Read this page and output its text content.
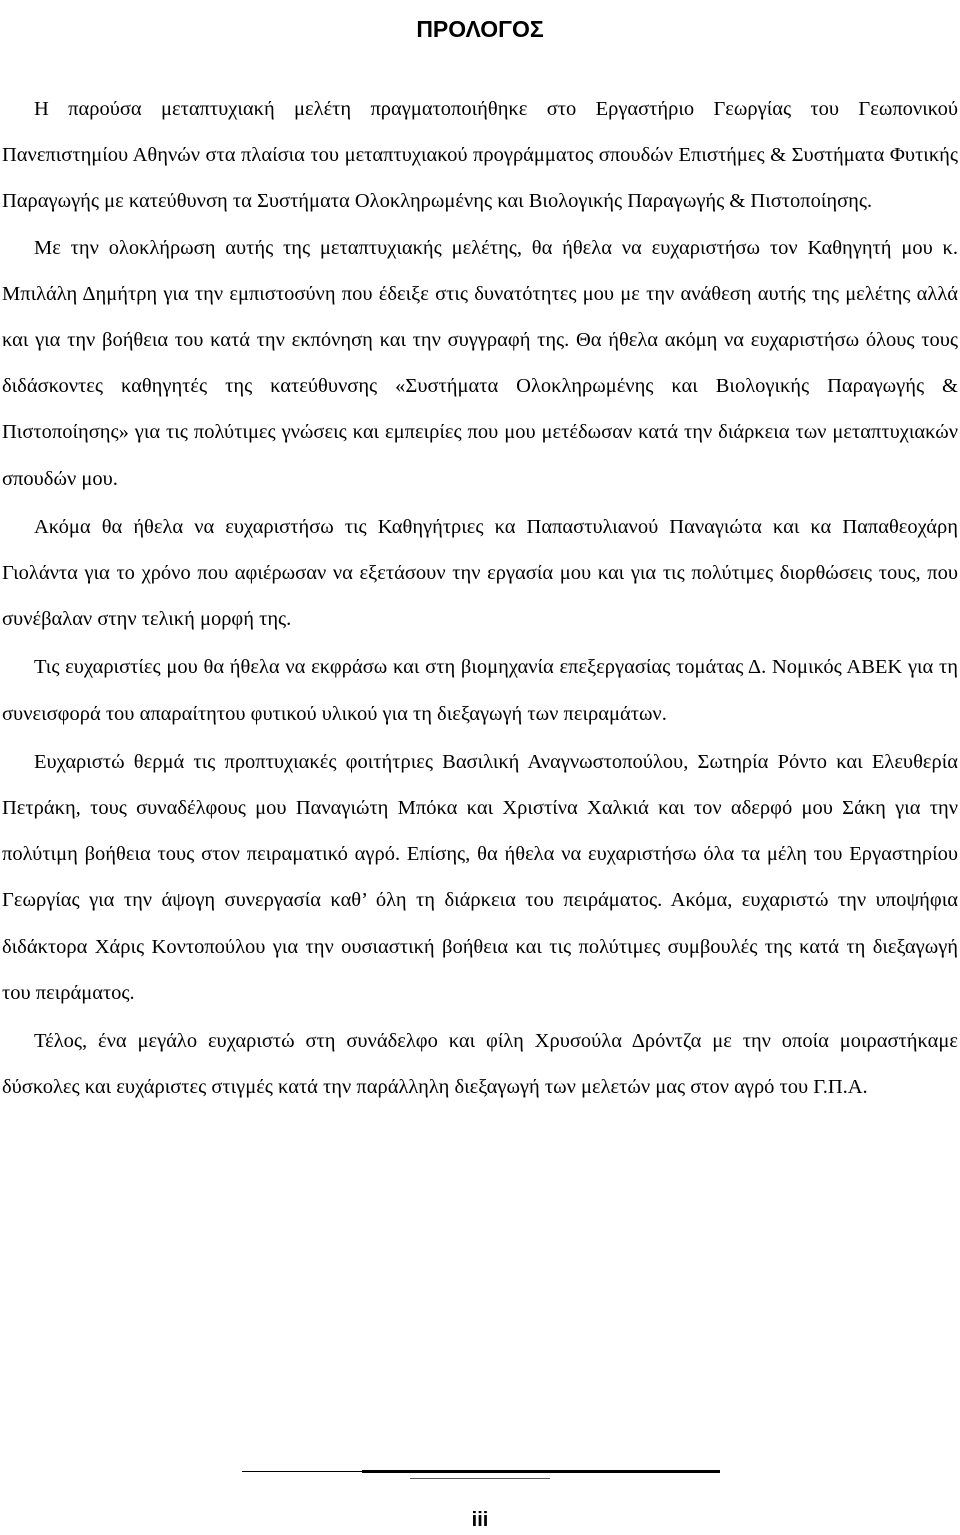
ΠΡΟΛΟΓΟΣ

Η παρούσα μεταπτυχιακή μελέτη πραγματοποιήθηκε στο Εργαστήριο Γεωργίας του Γεωπονικού Πανεπιστημίου Αθηνών στα πλαίσια του μεταπτυχιακού προγράμματος σπουδών Επιστήμες & Συστήματα Φυτικής Παραγωγής με κατεύθυνση τα Συστήματα Ολοκληρωμένης και Βιολογικής Παραγωγής & Πιστοποίησης.

Με την ολοκλήρωση αυτής της μεταπτυχιακής μελέτης, θα ήθελα να ευχαριστήσω τον Καθηγητή μου κ. Μπιλάλη Δημήτρη για την εμπιστοσύνη που έδειξε στις δυνατότητες μου με την ανάθεση αυτής της μελέτης αλλά και για την βοήθεια του κατά την εκπόνηση και την συγγραφή της. Θα ήθελα ακόμη να ευχαριστήσω όλους τους διδάσκοντες καθηγητές της κατεύθυνσης «Συστήματα Ολοκληρωμένης και Βιολογικής Παραγωγής & Πιστοποίησης» για τις πολύτιμες γνώσεις και εμπειρίες που μου μετέδωσαν κατά την διάρκεια των μεταπτυχιακών σπουδών μου.

Ακόμα θα ήθελα να ευχαριστήσω τις Καθηγήτριες κα Παπαστυλιανού Παναγιώτα και κα Παπαθεοχάρη Γιολάντα για το χρόνο που αφιέρωσαν να εξετάσουν την εργασία μου και για τις πολύτιμες διορθώσεις τους, που συνέβαλαν στην τελική μορφή της.

Τις ευχαριστίες μου θα ήθελα να εκφράσω και στη βιομηχανία επεξεργασίας τομάτας Δ. Νομικός ΑΒΕΚ για τη συνεισφορά του απαραίτητου φυτικού υλικού για τη διεξαγωγή των πειραμάτων.

Ευχαριστώ θερμά τις προπτυχιακές φοιτήτριες Βασιλική Αναγνωστοπούλου, Σωτηρία Ρόντο και Ελευθερία Πετράκη, τους συναδέλφους μου Παναγιώτη Μπόκα και Χριστίνα Χαλκιά και τον αδερφό μου Σάκη για την πολύτιμη βοήθεια τους στον πειραματικό αγρό. Επίσης, θα ήθελα να ευχαριστήσω όλα τα μέλη του Εργαστηρίου Γεωργίας για την άψογη συνεργασία καθ’ όλη τη διάρκεια του πειράματος. Ακόμα, ευχαριστώ την υποψήφια διδάκτορα Χάρις Κοντοπούλου για την ουσιαστική βοήθεια και τις πολύτιμες συμβουλές της κατά τη διεξαγωγή του πειράματος.

Τέλος, ένα μεγάλο ευχαριστώ στη συνάδελφο και φίλη Χρυσούλα Δρόντζα με την οποία μοιραστήκαμε δύσκολες και ευχάριστες στιγμές κατά την παράλληλη διεξαγωγή των μελετών μας στον αγρό του Γ.Π.Α.

iii
